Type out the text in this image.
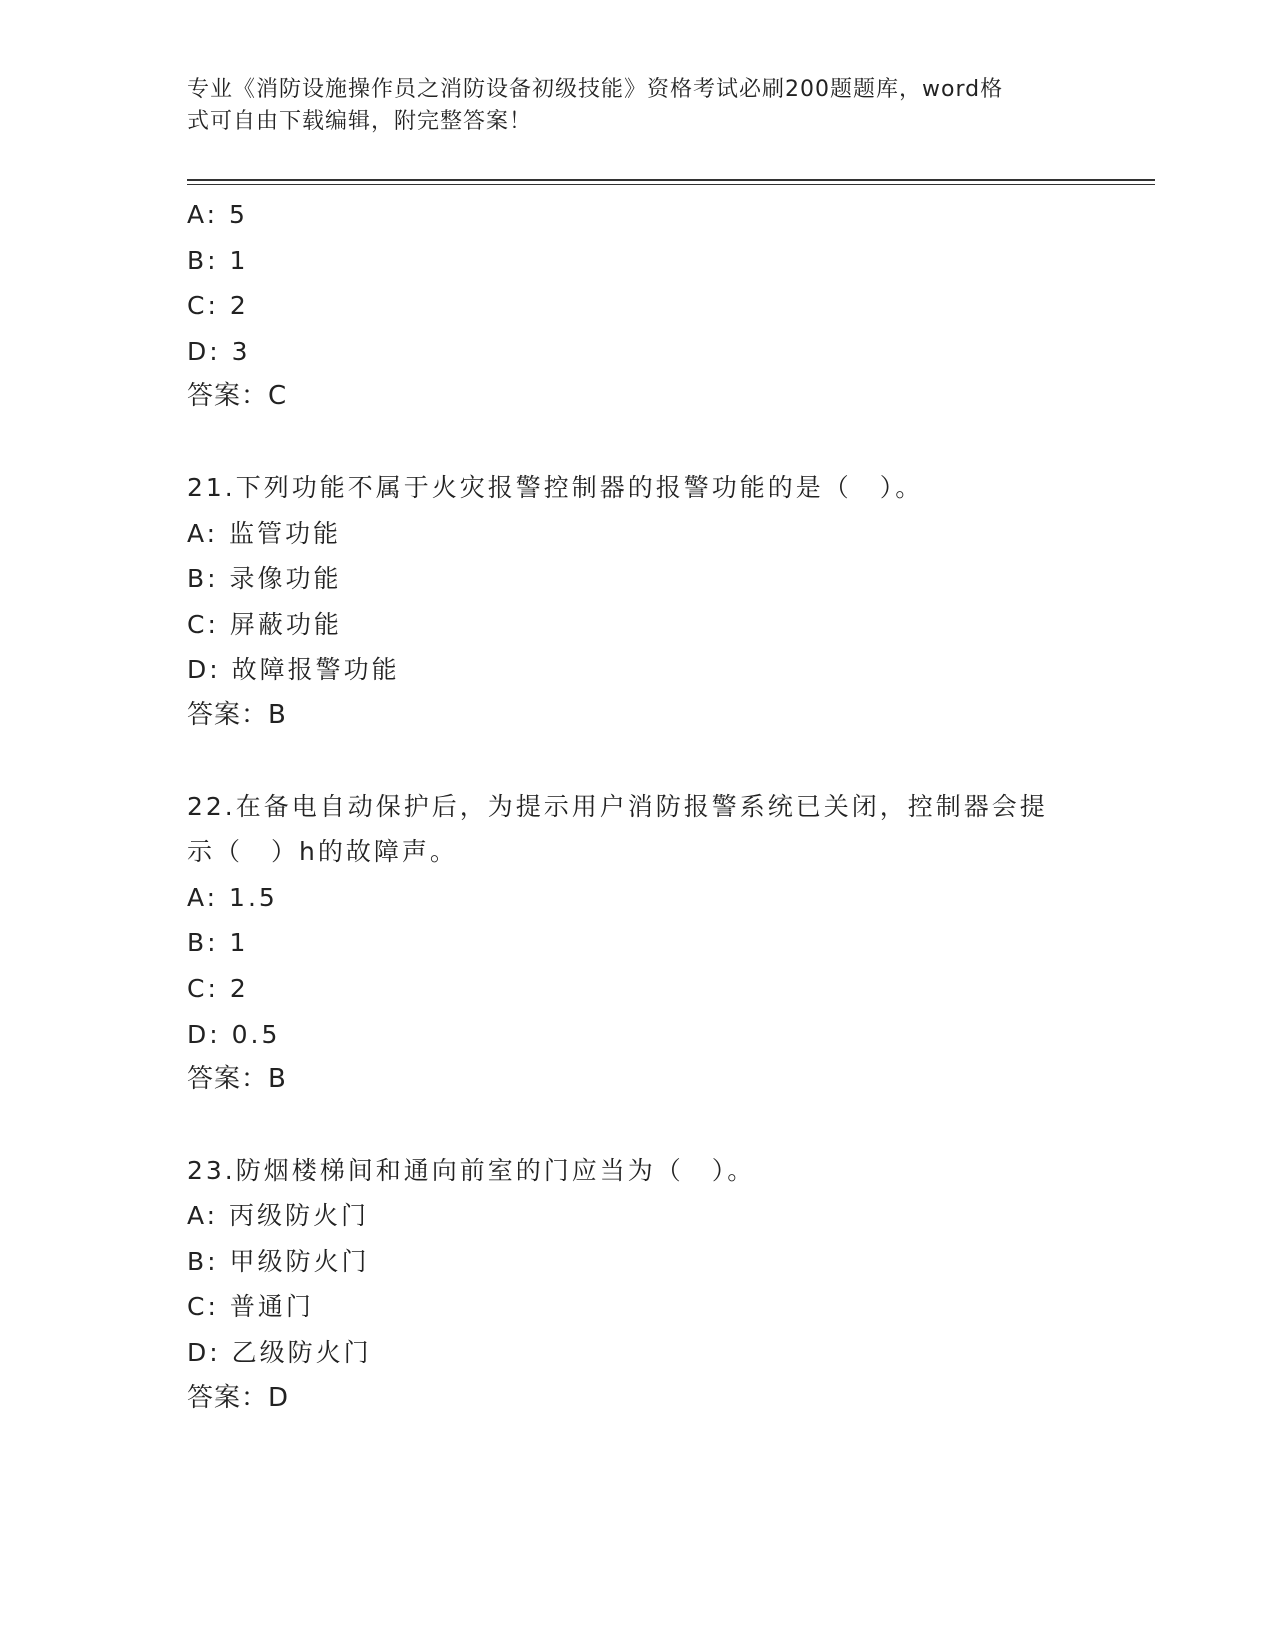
专业《消防设施操作员之消防设备初级技能》资格考试必刷200题题库，word格
式可自由下载编辑，附完整答案！
A: 5
B: 1
C: 2
D: 3
答案：C
21.下列功能不属于火灾报警控制器的报警功能的是（　）。
A: 监管功能
B: 录像功能
C: 屏蔽功能
D: 故障报警功能
答案：B
22.在备电自动保护后，为提示用户消防报警系统已关闭，控制器会提
示（　）h的故障声。
A: 1.5
B: 1
C: 2
D: 0.5
答案：B
23.防烟楼梯间和通向前室的门应当为（　）。
A: 丙级防火门
B: 甲级防火门
C: 普通门
D: 乙级防火门
答案：D
